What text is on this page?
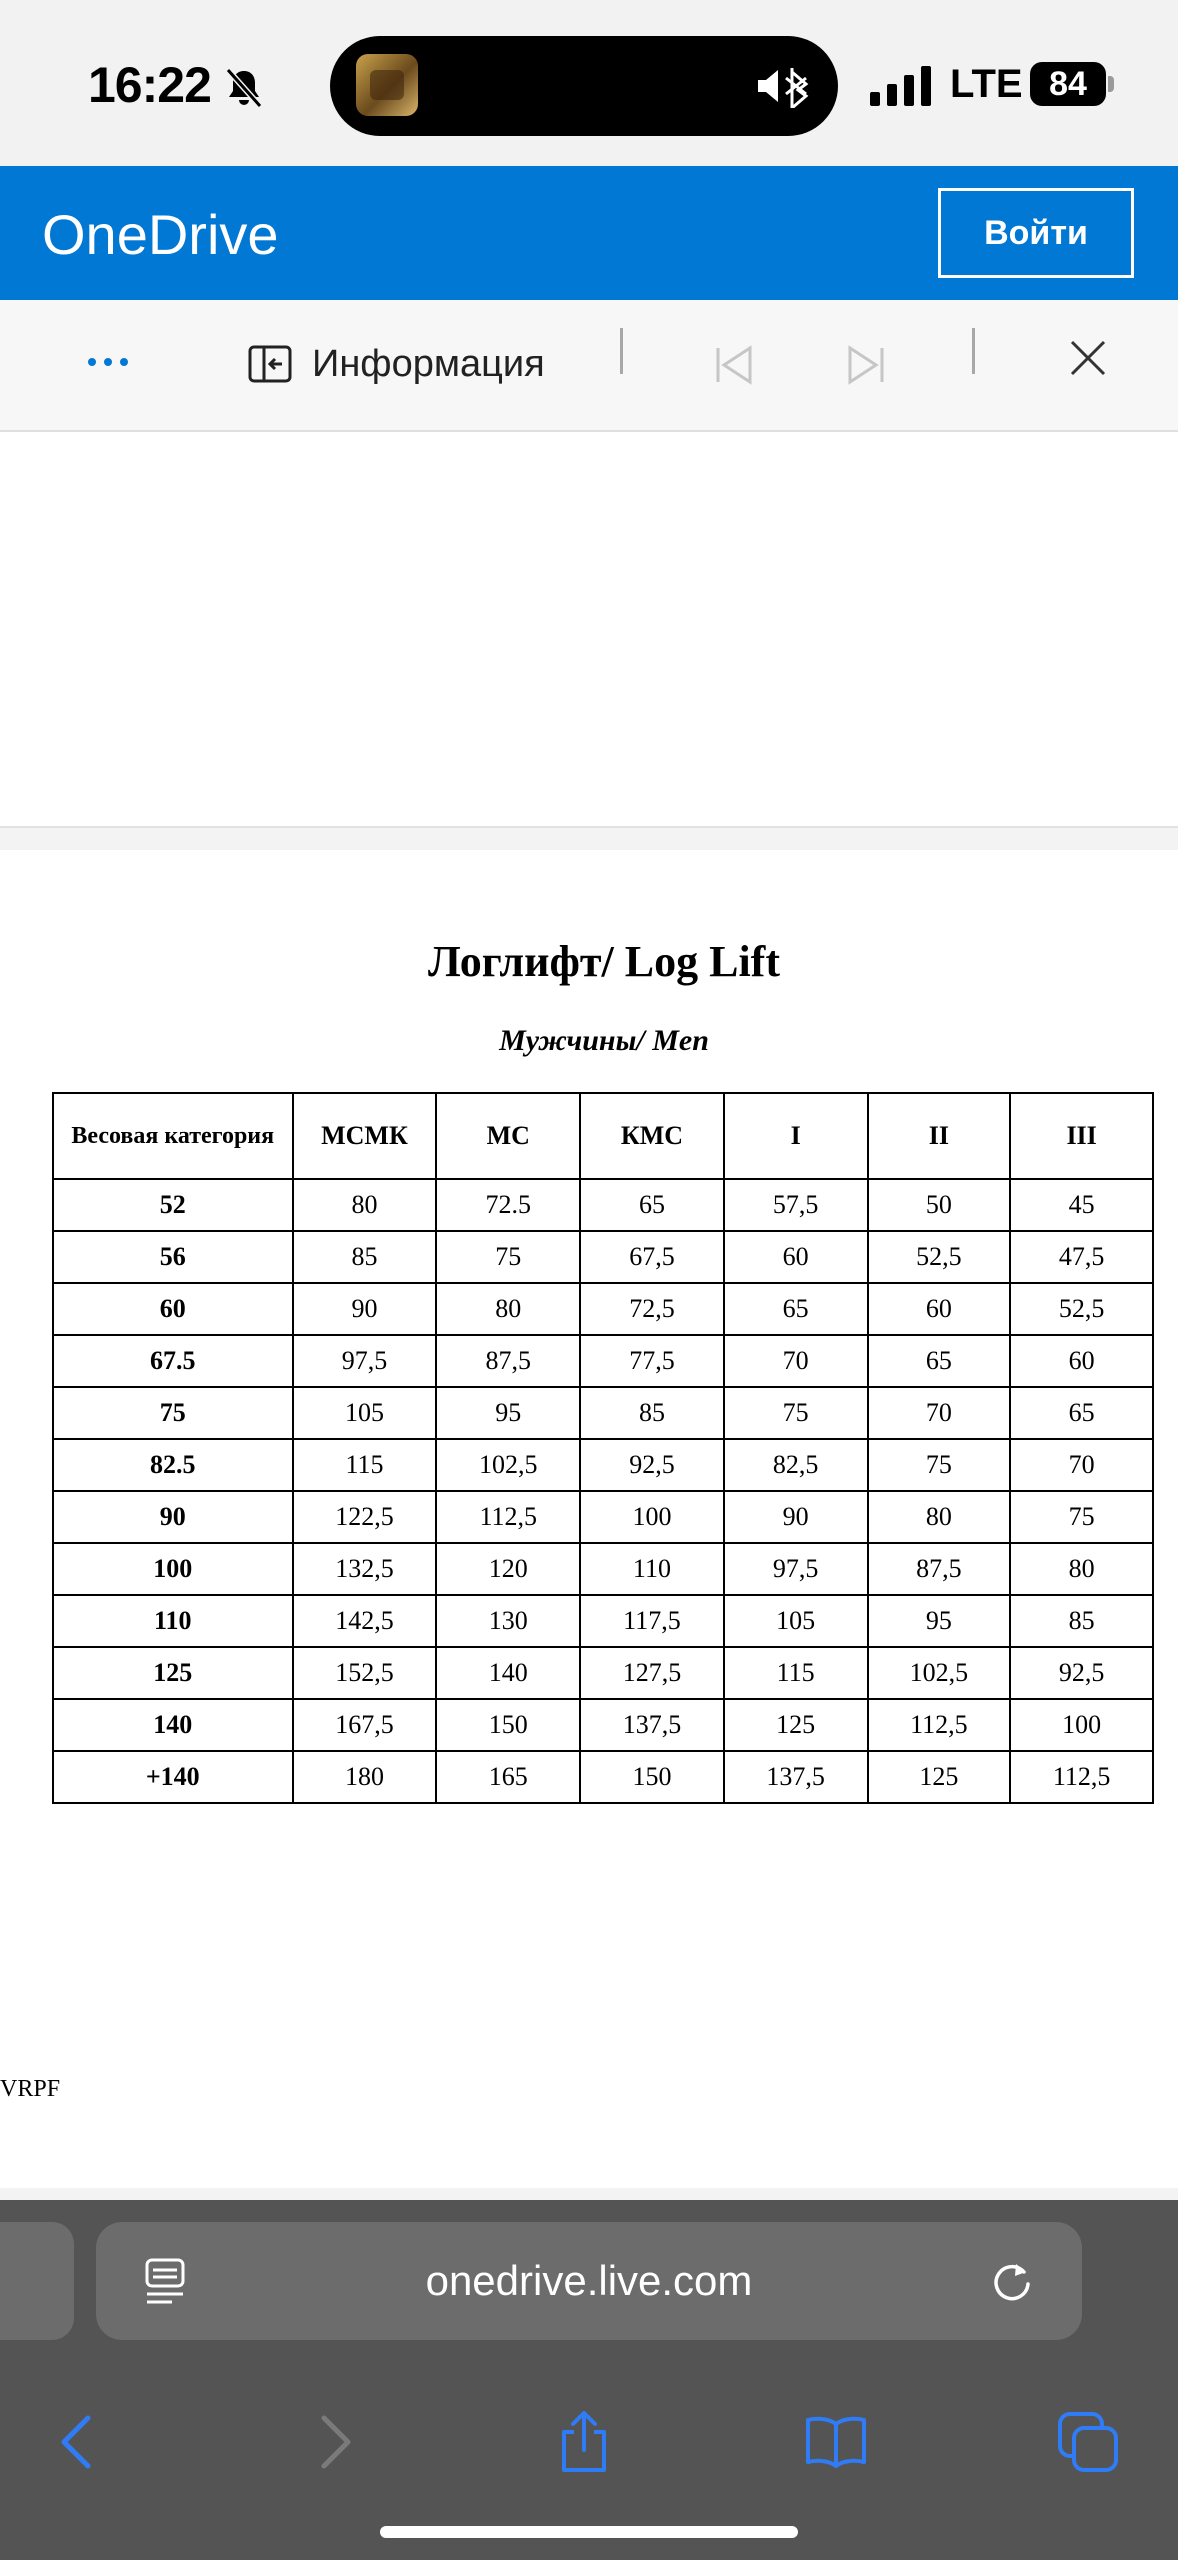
16:22	LTE 84
OneDrive	Войти
Информация
Логлифт/ Log Lift
Мужчины/ Men
Весовая категория	МСМК	МС	КМС	I	II	III
52	80	72.5	65	57,5	50	45
56	85	75	67,5	60	52,5	47,5
60	90	80	72,5	65	60	52,5
67.5	97,5	87,5	77,5	70	65	60
75	105	95	85	75	70	65
82.5	115	102,5	92,5	82,5	75	70
90	122,5	112,5	100	90	80	75
100	132,5	120	110	97,5	87,5	80
110	142,5	130	117,5	105	95	85
125	152,5	140	127,5	115	102,5	92,5
140	167,5	150	137,5	125	112,5	100
+140	180	165	150	137,5	125	112,5
VRPF
onedrive.live.com
